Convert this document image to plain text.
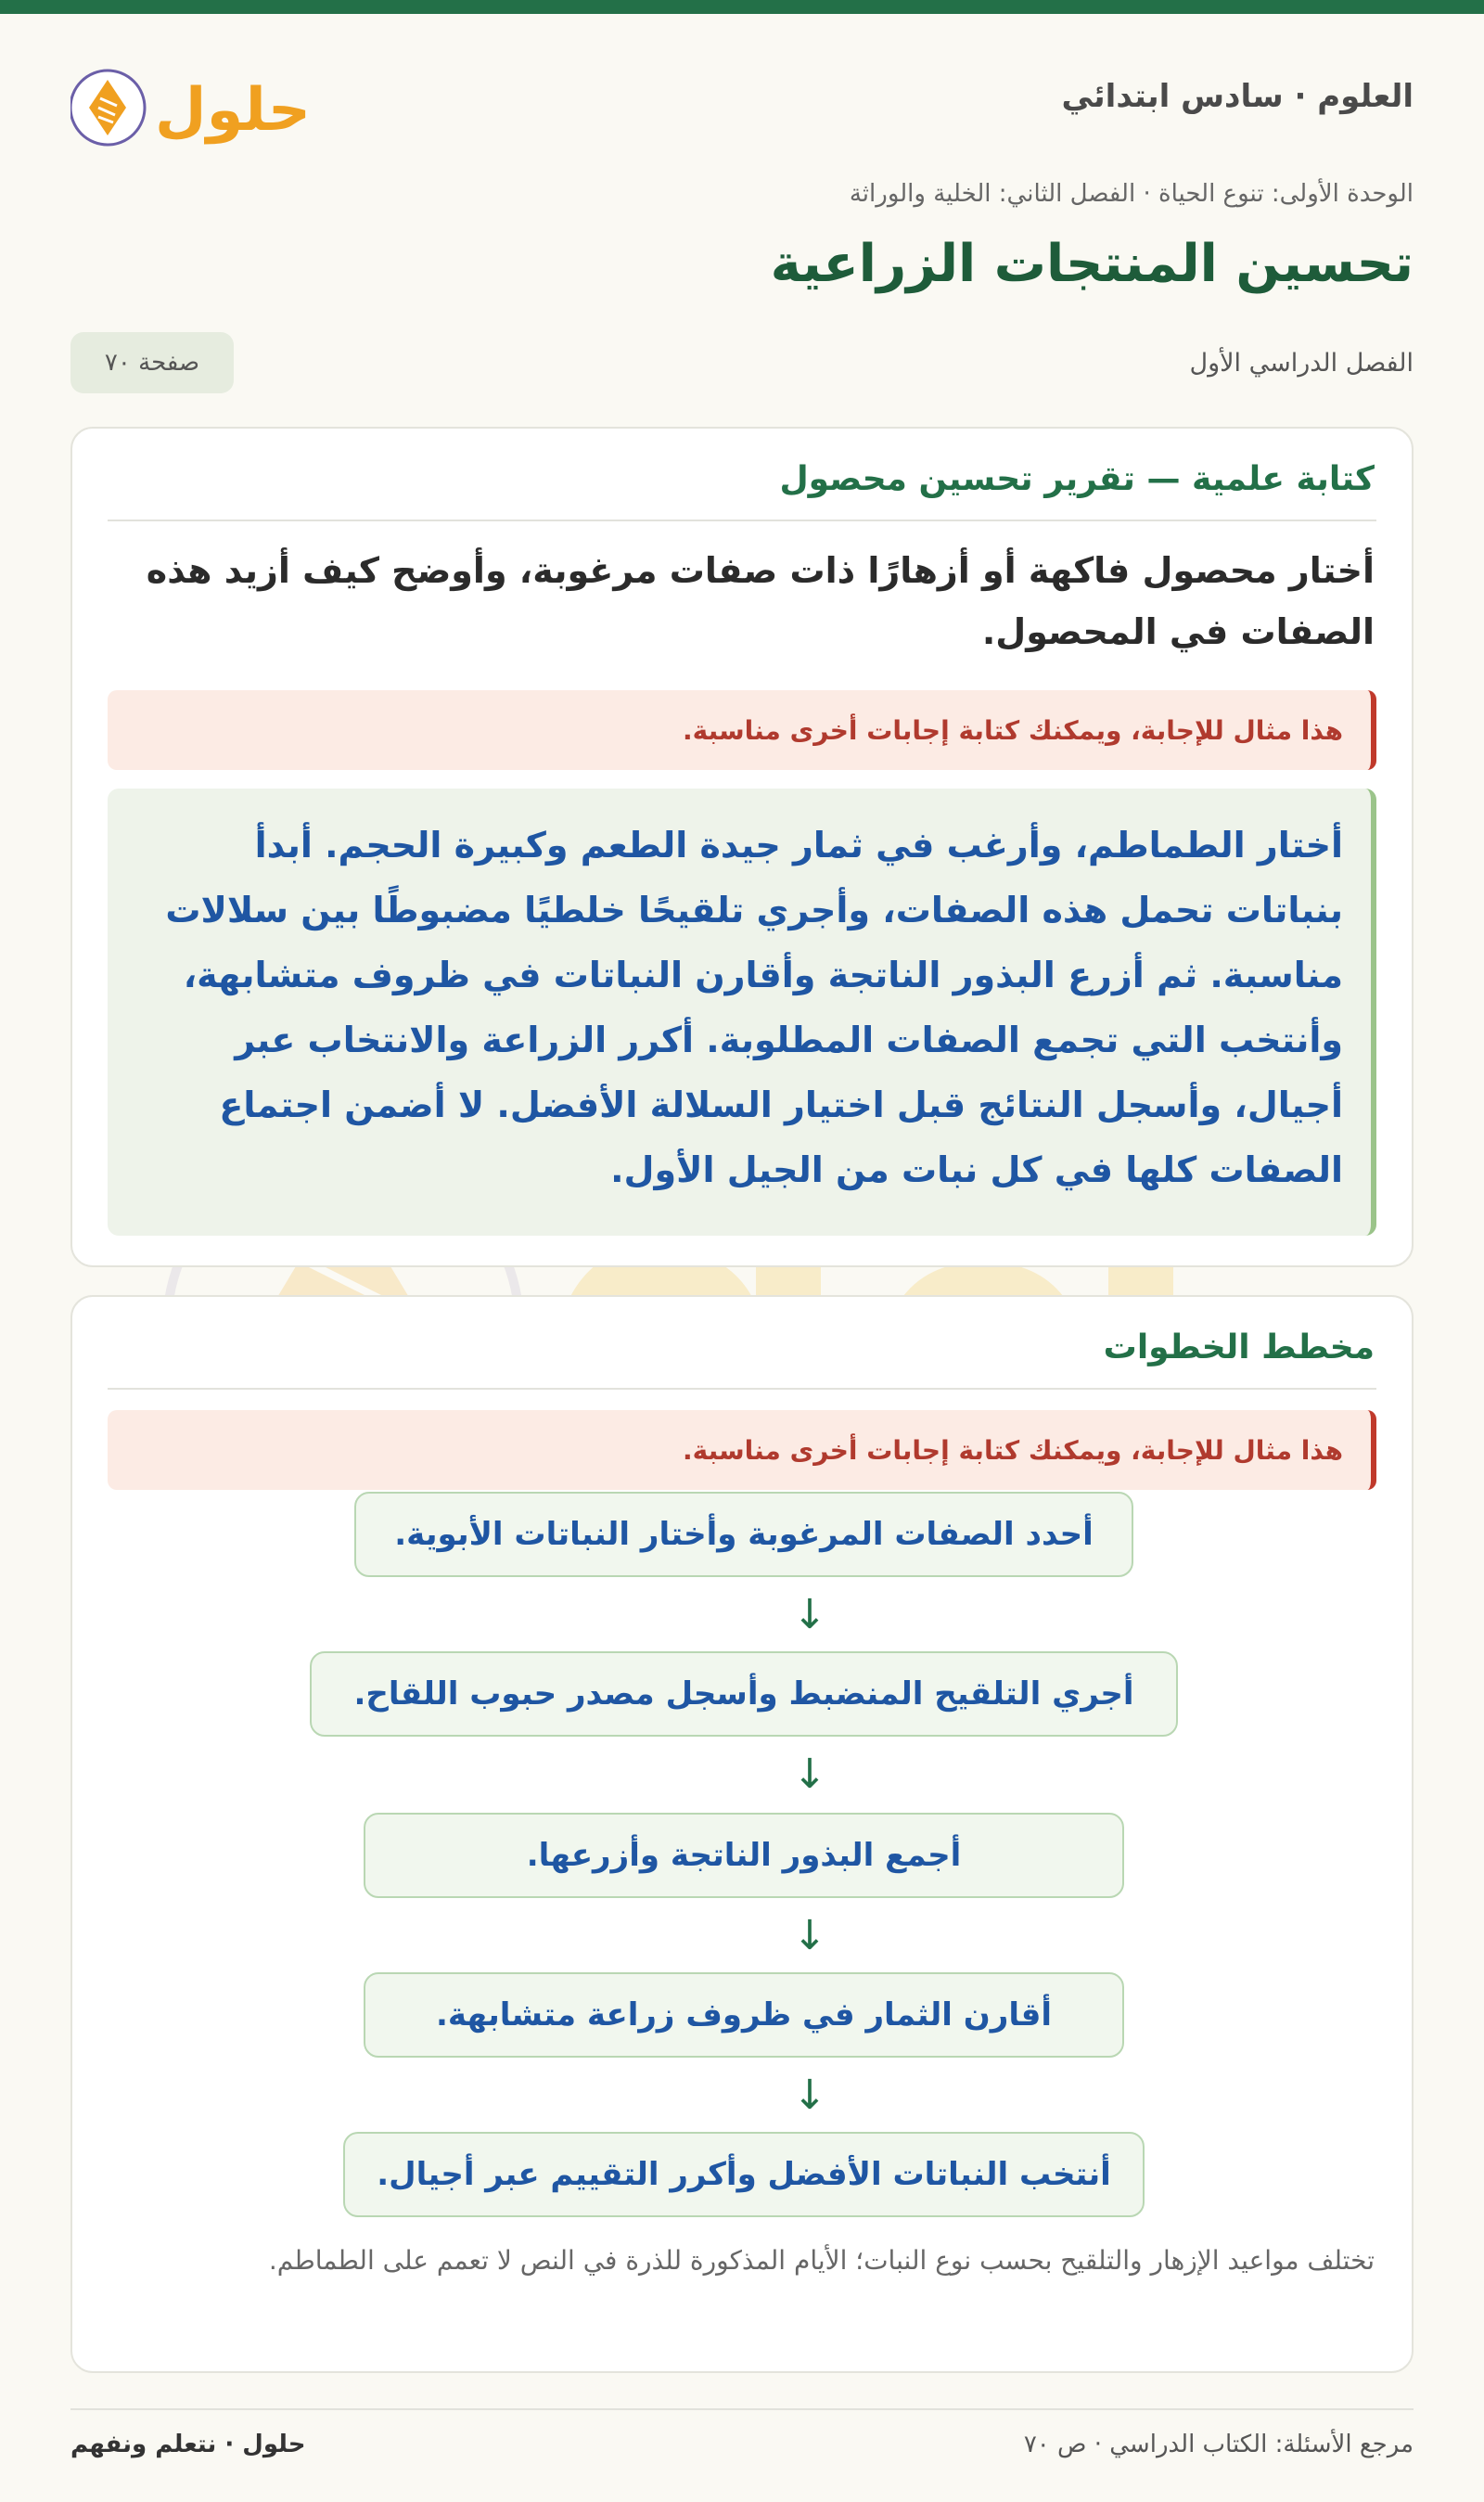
حلول	العلوم · سادس ابتدائي
الوحدة الأولى: تنوع الحياة · الفصل الثاني: الخلية والوراثة
تحسين المنتجات الزراعية
الفصل الدراسي الأول
صفحة ٧٠
كتابة علمية — تقرير تحسين محصول

أختار محصول فاكهة أو أزهارًا ذات صفات مرغوبة، وأوضح كيف أزيد هذه الصفات في المحصول.

هذا مثال للإجابة، ويمكنك كتابة إجابات أخرى مناسبة.
أختار الطماطم، وأرغب في ثمار جيدة الطعم وكبيرة الحجم. أبدأ بنباتات تحمل هذه الصفات، وأجري تلقيحًا خلطيًا مضبوطًا بين سلالات مناسبة. ثم أزرع البذور الناتجة وأقارن النباتات في ظروف متشابهة، وأنتخب التي تجمع الصفات المطلوبة. أكرر الزراعة والانتخاب عبر أجيال، وأسجل النتائج قبل اختيار السلالة الأفضل. لا أضمن اجتماع الصفات كلها في كل نبات من الجيل الأول.
مخطط الخطوات
هذا مثال للإجابة، ويمكنك كتابة إجابات أخرى مناسبة.
أحدد الصفات المرغوبة وأختار النباتات الأبوية.
↓
أجري التلقيح المنضبط وأسجل مصدر حبوب اللقاح.
↓
أجمع البذور الناتجة وأزرعها.
↓
أقارن الثمار في ظروف زراعة متشابهة.
↓
أنتخب النباتات الأفضل وأكرر التقييم عبر أجيال.

تختلف مواعيد الإزهار والتلقيح بحسب نوع النبات؛ الأيام المذكورة للذرة في النص لا تعمم على الطماطم.

مرجع الأسئلة: الكتاب الدراسي · ص ٧٠
حلول · نتعلم ونفهم
